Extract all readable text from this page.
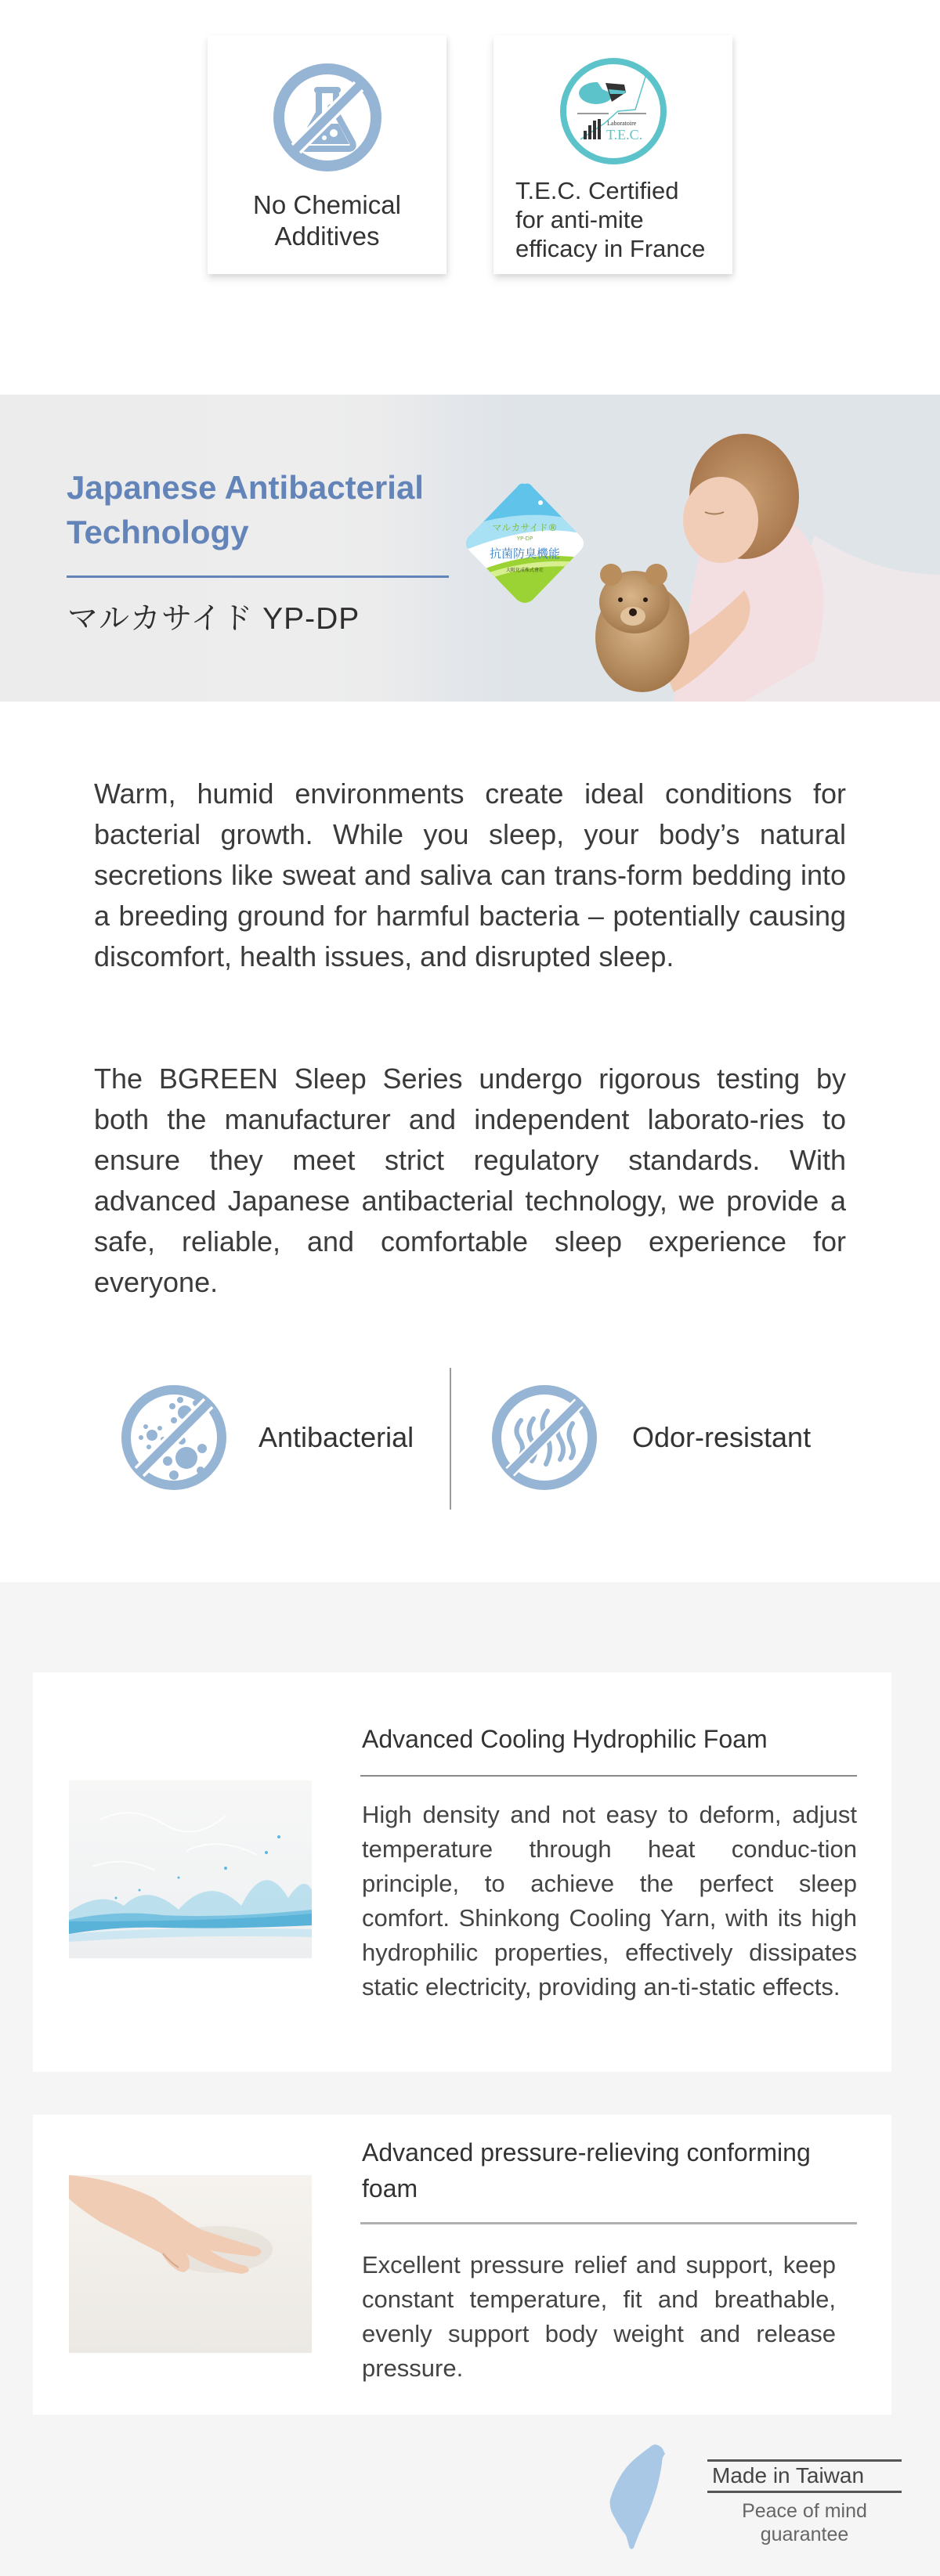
No Chemical
Additives
Laboratoire
T.E.C.
T.E.C. Certified
for anti-mite
efficacy in France
マルカサイド®
YP-DP
抗菌防臭機能
大阪化成株式會社
Japanese Antibacterial
Technology
マルカサイド YP-DP

Warm, humid environments create ideal conditions for bacterial growth. While you sleep, your body’s natural secretions like sweat and saliva can trans‐form bedding into a breeding ground for harmful bacteria – potentially causing discomfort, health issues, and disrupted sleep.

The BGREEN Sleep Series undergo rigorous testing by both the manufacturer and independent laborato‐ries to ensure they meet strict regulatory standards. With advanced Japanese antibacterial technology, we provide a safe, reliable, and comfortable sleep experience for everyone.

Antibacterial	Odor-resistant
Advanced Cooling Hydrophilic Foam

High density and not easy to deform, adjust temperature through heat conduc‐tion principle, to achieve the perfect sleep comfort. Shinkong Cooling Yarn, with its high hydrophilic properties, effectively dissipates static electricity, providing an‐ti-static effects.

Advanced pressure-relieving conforming foam

Excellent pressure relief and support, keep constant temperature, fit and breathable, evenly support body weight and release pressure.

Made in Taiwan
Peace of mind guarantee
